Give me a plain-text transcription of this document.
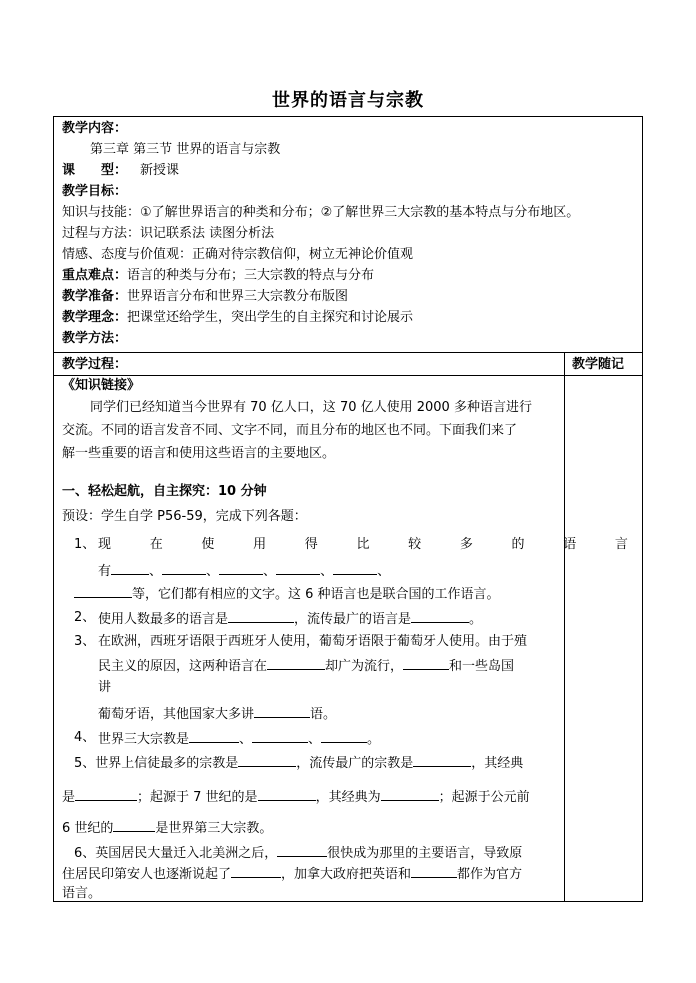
世界的语言与宗教
教学内容：
第三章 第三节 世界的语言与宗教
课　　型： 新授课
教学目标：
知识与技能：①了解世界语言的种类和分布；②了解世界三大宗教的基本特点与分布地区。
过程与方法：识记联系法 读图分析法
情感、态度与价值观：正确对待宗教信仰，树立无神论价值观
重点难点：语言的种类与分布；三大宗教的特点与分布
教学准备：世界语言分布和世界三大宗教分布版图
教学理念：把课堂还给学生，突出学生的自主探究和讨论展示
教学方法：
教学过程：	教学随记
《知识链接》
同学们已经知道当今世界有 70 亿人口，这 70 亿人使用 2000 多种语言进行
交流。不同的语言发音不同、文字不同，而且分布的地区也不同。下面我们来了
解一些重要的语言和使用这些语言的主要地区。
一、轻松起航，自主探究：10 分钟
预设：学生自学 P56-59，完成下列各题：
1、 现	在	使	用	得	比	较	多	的	语	言
有	、	、	、	、	、
等，它们都有相应的文字。这 6 种语言也是联合国的工作语言。
2、 使用人数最多的语言是	，流传最广的语言是	。
3、 在欧洲，西班牙语限于西班牙人使用，葡萄牙语限于葡萄牙人使用。由于殖
民主义的原因，这两种语言在	却广为流行，	和一些岛国
讲
葡萄牙语，其他国家大多讲	语。
4、 世界三大宗教是	、	、	。
5、世界上信徒最多的宗教是	，流传最广的宗教是	，其经典
是	；起源于 7 世纪的是	，其经典为	；起源于公元前
6 世纪的	是世界第三大宗教。
6、英国居民大量迁入北美洲之后，	很快成为那里的主要语言，导致原
住居民印第安人也逐渐说起了	，加拿大政府把英语和	都作为官方
语言。
